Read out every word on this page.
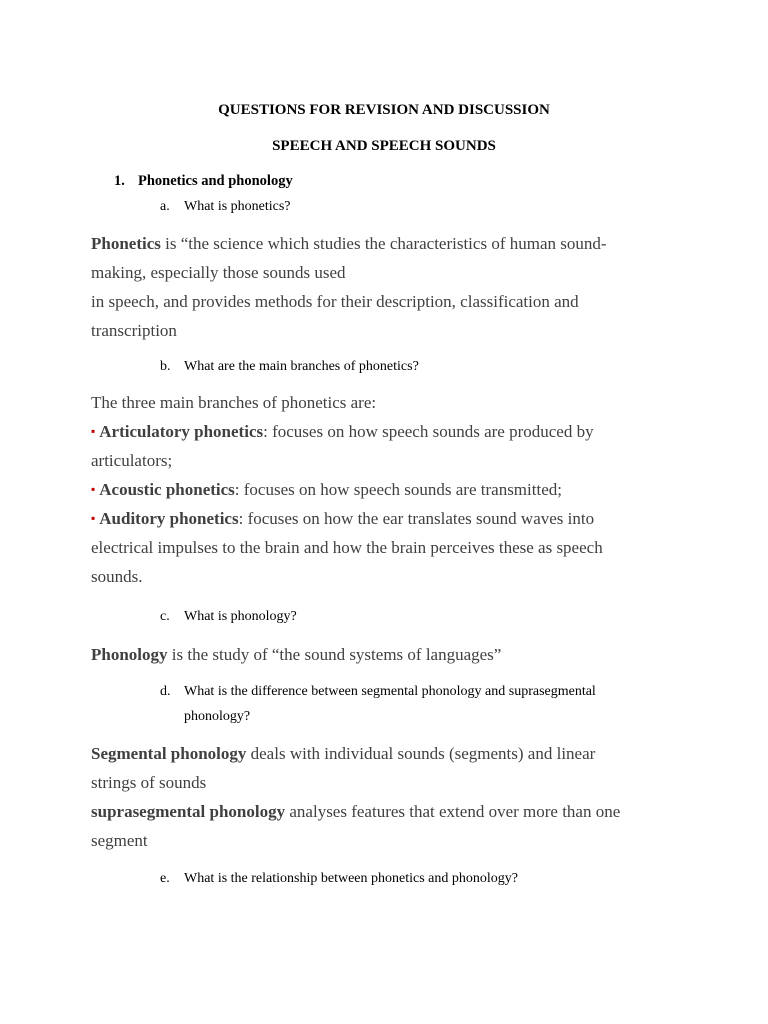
QUESTIONS FOR REVISION AND DISCUSSION
SPEECH AND SPEECH SOUNDS
1. Phonetics and phonology
a. What is phonetics?

Phonetics is “the science which studies the characteristics of human sound-

making, especially those sounds used

in speech, and provides methods for their description, classification and

transcription

b. What are the main branches of phonetics?

The three main branches of phonetics are:

▪ Articulatory phonetics: focuses on how speech sounds are produced by

articulators;

▪ Acoustic phonetics: focuses on how speech sounds are transmitted;

▪ Auditory phonetics: focuses on how the ear translates sound waves into

electrical impulses to the brain and how the brain perceives these as speech

sounds.

c. What is phonology?

Phonology is the study of “the sound systems of languages”

d. What is the difference between segmental phonology and suprasegmental
phonology?

Segmental phonology deals with individual sounds (segments) and linear

strings of sounds

suprasegmental phonology analyses features that extend over more than one

segment

e. What is the relationship between phonetics and phonology?
